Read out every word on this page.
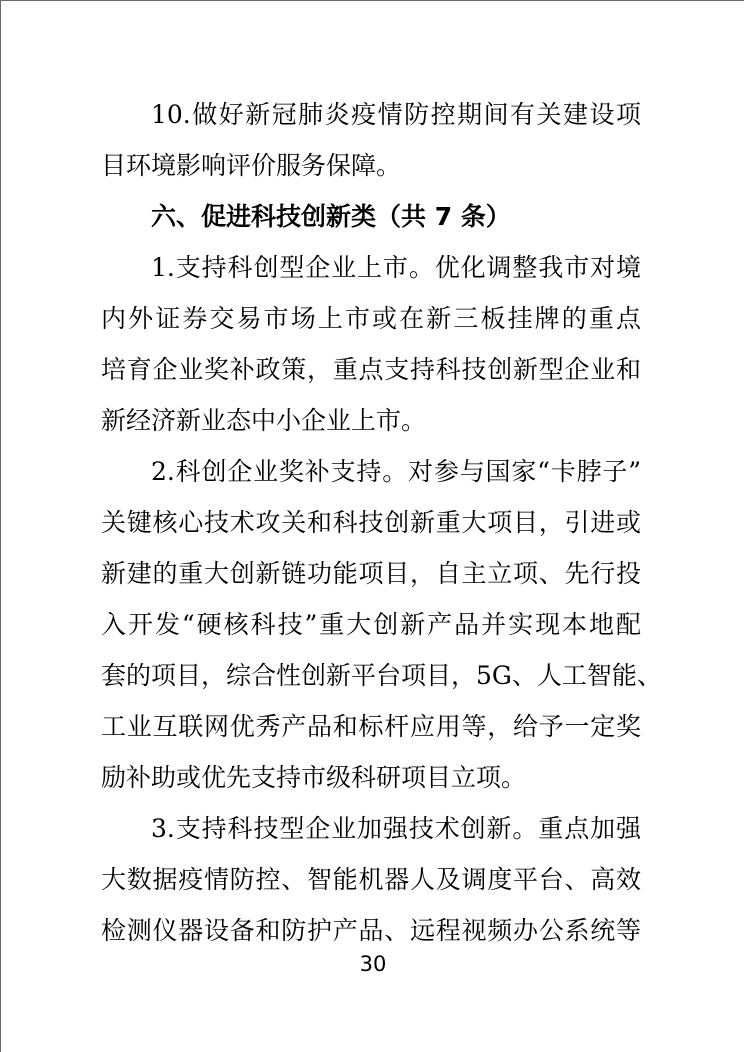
10.做好新冠肺炎疫情防控期间有关建设项
目环境影响评价服务保障。
六、促进科技创新类（共 7 条）
1.支持科创型企业上市。优化调整我市对境
内外证券交易市场上市或在新三板挂牌的重点
培育企业奖补政策，重点支持科技创新型企业和
新经济新业态中小企业上市。
2.科创企业奖补支持。对参与国家“卡脖子”
关键核心技术攻关和科技创新重大项目，引进或
新建的重大创新链功能项目，自主立项、先行投
入开发“硬核科技”重大创新产品并实现本地配
套的项目，综合性创新平台项目，5G、人工智能、
工业互联网优秀产品和标杆应用等，给予一定奖
励补助或优先支持市级科研项目立项。
3.支持科技型企业加强技术创新。重点加强
大数据疫情防控、智能机器人及调度平台、高效
检测仪器设备和防护产品、远程视频办公系统等
30
